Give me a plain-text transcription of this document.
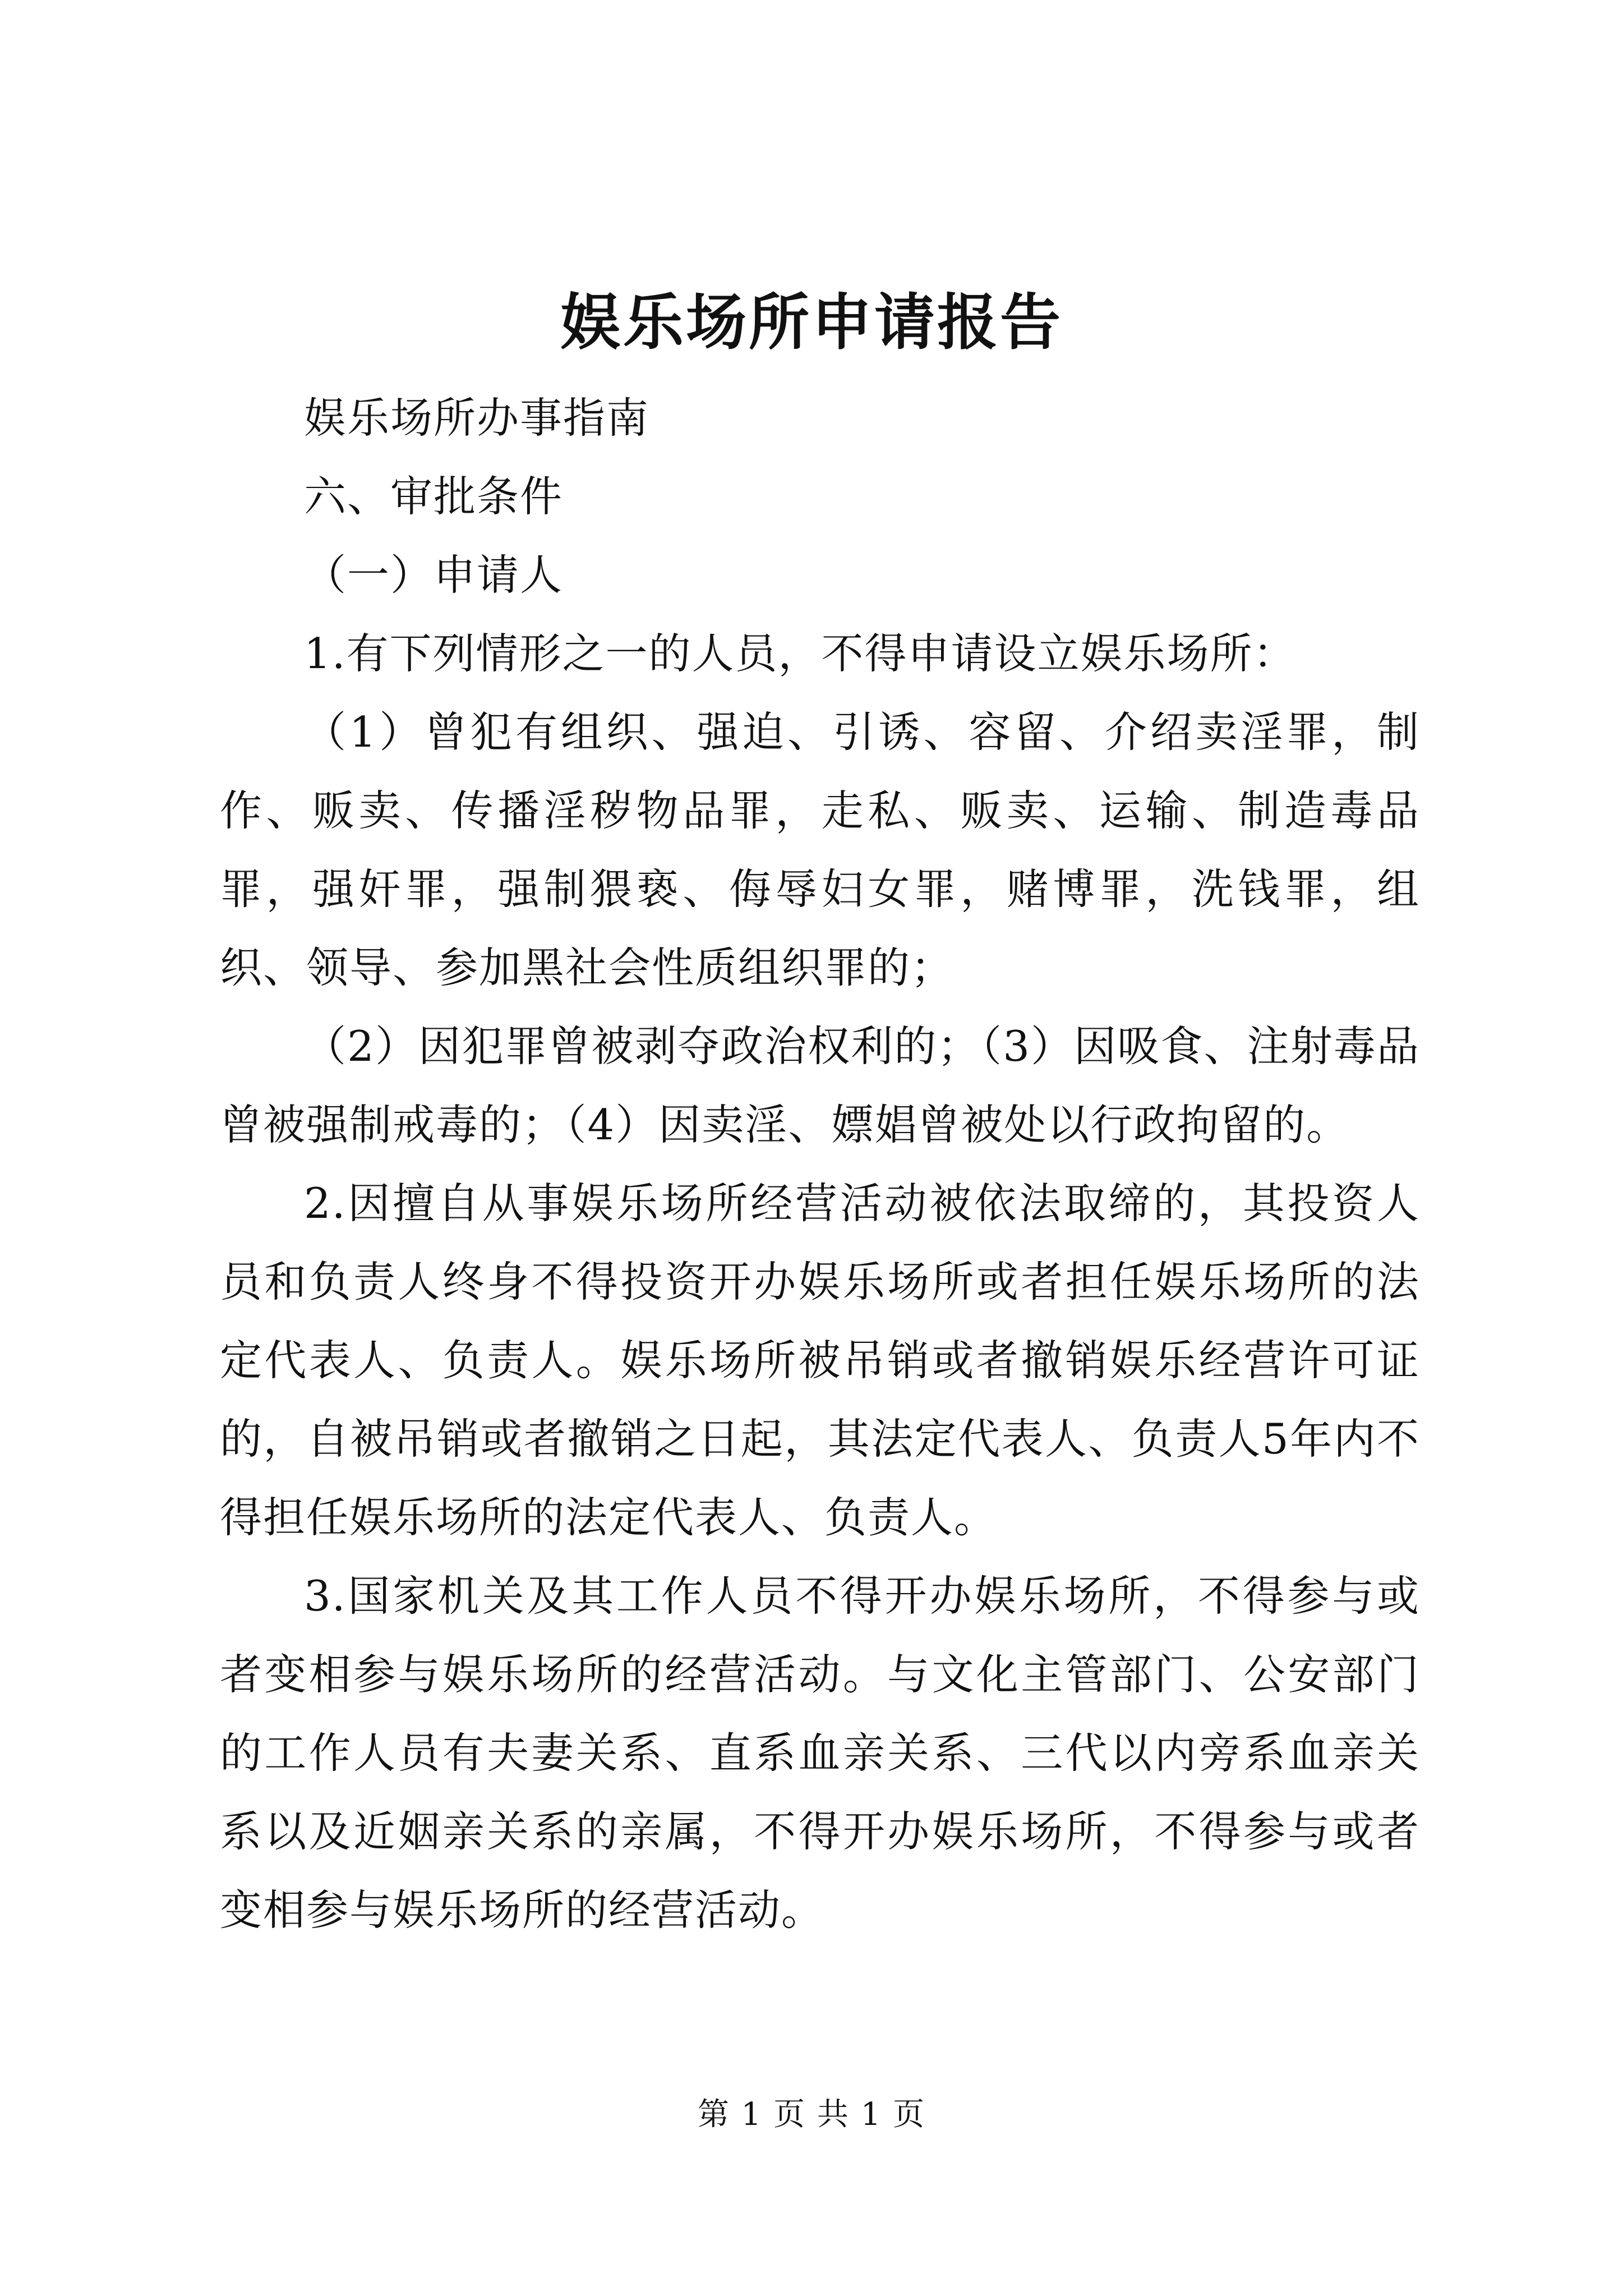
娱乐场所申请报告

娱乐场所办事指南

六、审批条件

（一）申请人

1.有下列情形之一的人员，不得申请设立娱乐场所：

（1）曾犯有组织、强迫、引诱、容留、介绍卖淫罪，制作、贩卖、传播淫秽物品罪，走私、贩卖、运输、制造毒品罪，强奸罪，强制猥亵、侮辱妇女罪，赌博罪，洗钱罪，组织、领导、参加黑社会性质组织罪的；

（2）因犯罪曾被剥夺政治权利的；（3）因吸食、注射毒品曾被强制戒毒的；（4）因卖淫、嫖娼曾被处以行政拘留的。

2.因擅自从事娱乐场所经营活动被依法取缔的，其投资人员和负责人终身不得投资开办娱乐场所或者担任娱乐场所的法定代表人、负责人。娱乐场所被吊销或者撤销娱乐经营许可证的，自被吊销或者撤销之日起，其法定代表人、负责人5年内不得担任娱乐场所的法定代表人、负责人。

3.国家机关及其工作人员不得开办娱乐场所，不得参与或者变相参与娱乐场所的经营活动。与文化主管部门、公安部门的工作人员有夫妻关系、直系血亲关系、三代以内旁系血亲关系以及近姻亲关系的亲属，不得开办娱乐场所，不得参与或者变相参与娱乐场所的经营活动。

第 1 页 共 1 页
